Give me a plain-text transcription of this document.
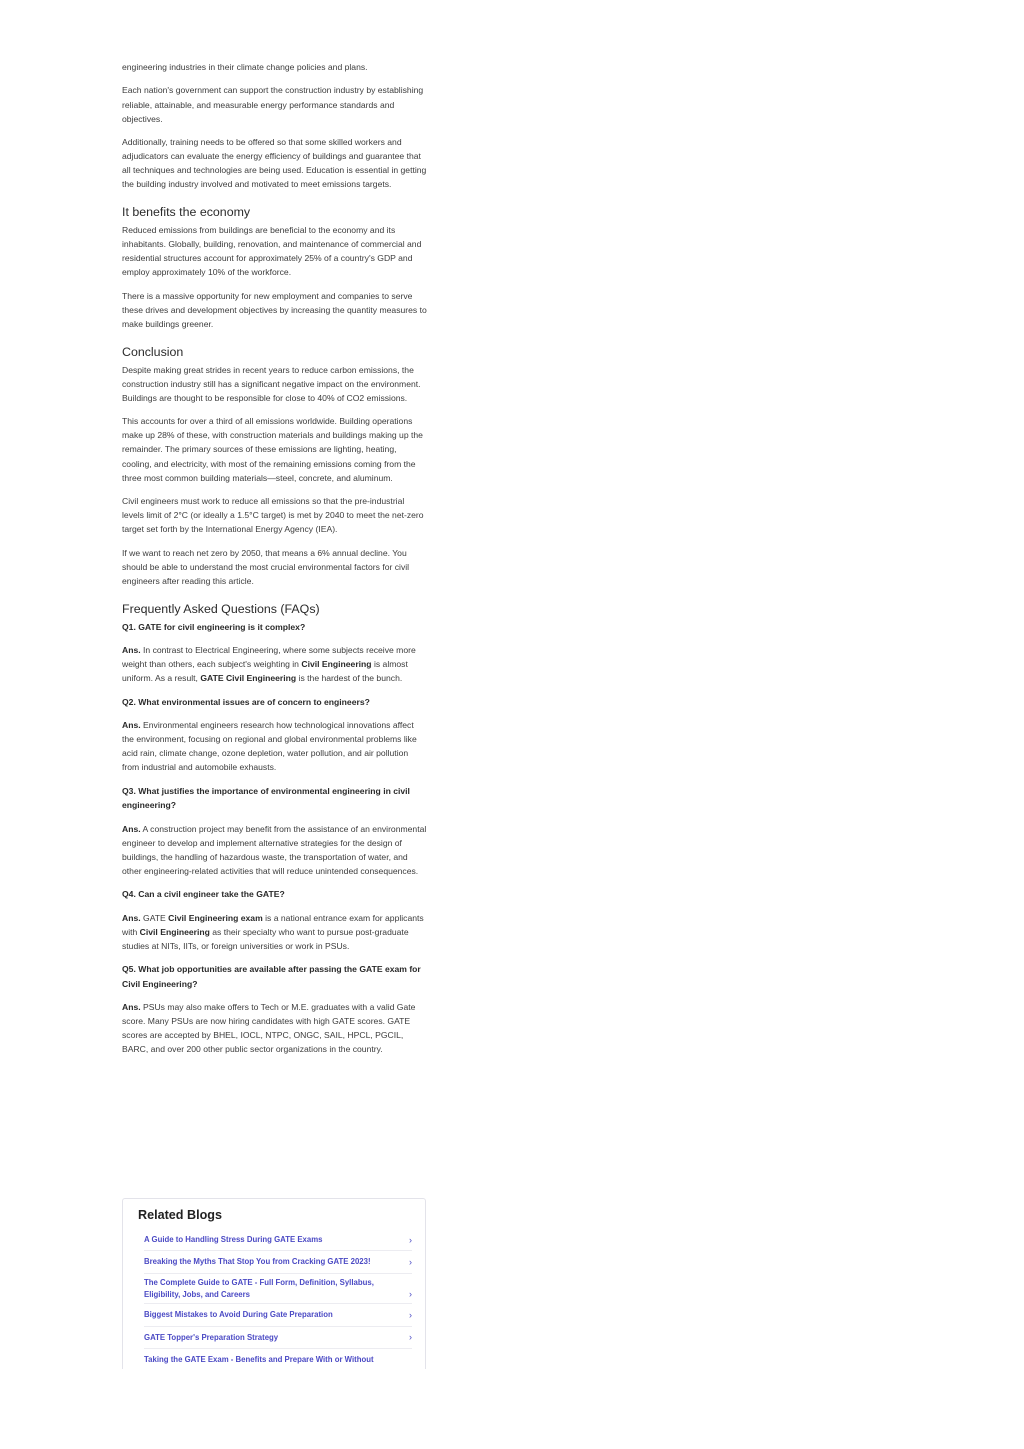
engineering industries in their climate change policies and plans.

Each nation's government can support the construction industry by establishing reliable, attainable, and measurable energy performance standards and objectives.

Additionally, training needs to be offered so that some skilled workers and adjudicators can evaluate the energy efficiency of buildings and guarantee that all techniques and technologies are being used. Education is essential in getting the building industry involved and motivated to meet emissions targets.

It benefits the economy

Reduced emissions from buildings are beneficial to the economy and its inhabitants. Globally, building, renovation, and maintenance of commercial and residential structures account for approximately 25% of a country's GDP and employ approximately 10% of the workforce.

There is a massive opportunity for new employment and companies to serve these drives and development objectives by increasing the quantity measures to make buildings greener.

Conclusion

Despite making great strides in recent years to reduce carbon emissions, the construction industry still has a significant negative impact on the environment. Buildings are thought to be responsible for close to 40% of CO2 emissions.

This accounts for over a third of all emissions worldwide. Building operations make up 28% of these, with construction materials and buildings making up the remainder. The primary sources of these emissions are lighting, heating, cooling, and electricity, with most of the remaining emissions coming from the three most common building materials—steel, concrete, and aluminum.

Civil engineers must work to reduce all emissions so that the pre-industrial levels limit of 2°C (or ideally a 1.5°C target) is met by 2040 to meet the net-zero target set forth by the International Energy Agency (IEA).

If we want to reach net zero by 2050, that means a 6% annual decline. You should be able to understand the most crucial environmental factors for civil engineers after reading this article.

Frequently Asked Questions (FAQs)

Q1. GATE for civil engineering is it complex?

Ans. In contrast to Electrical Engineering, where some subjects receive more weight than others, each subject's weighting in Civil Engineering is almost uniform. As a result, GATE Civil Engineering is the hardest of the bunch.

Q2. What environmental issues are of concern to engineers?

Ans. Environmental engineers research how technological innovations affect the environment, focusing on regional and global environmental problems like acid rain, climate change, ozone depletion, water pollution, and air pollution from industrial and automobile exhausts.

Q3. What justifies the importance of environmental engineering in civil engineering?

Ans. A construction project may benefit from the assistance of an environmental engineer to develop and implement alternative strategies for the design of buildings, the handling of hazardous waste, the transportation of water, and other engineering-related activities that will reduce unintended consequences.

Q4. Can a civil engineer take the GATE?

Ans. GATE Civil Engineering exam is a national entrance exam for applicants with Civil Engineering as their specialty who want to pursue post-graduate studies at NITs, IITs, or foreign universities or work in PSUs.

Q5. What job opportunities are available after passing the GATE exam for Civil Engineering?

Ans. PSUs may also make offers to Tech or M.E. graduates with a valid Gate score. Many PSUs are now hiring candidates with high GATE scores. GATE scores are accepted by BHEL, IOCL, NTPC, ONGC, SAIL, HPCL, PGCIL, BARC, and over 200 other public sector organizations in the country.

Related Blogs
A Guide to Handling Stress During GATE Exams	›
Breaking the Myths That Stop You from Cracking GATE 2023!	›
The Complete Guide to GATE - Full Form, Definition, Syllabus, Eligibility, Jobs, and Careers	›
Biggest Mistakes to Avoid During Gate Preparation	›
GATE Topper's Preparation Strategy	›
Taking the GATE Exam - Benefits and Prepare With or Without
